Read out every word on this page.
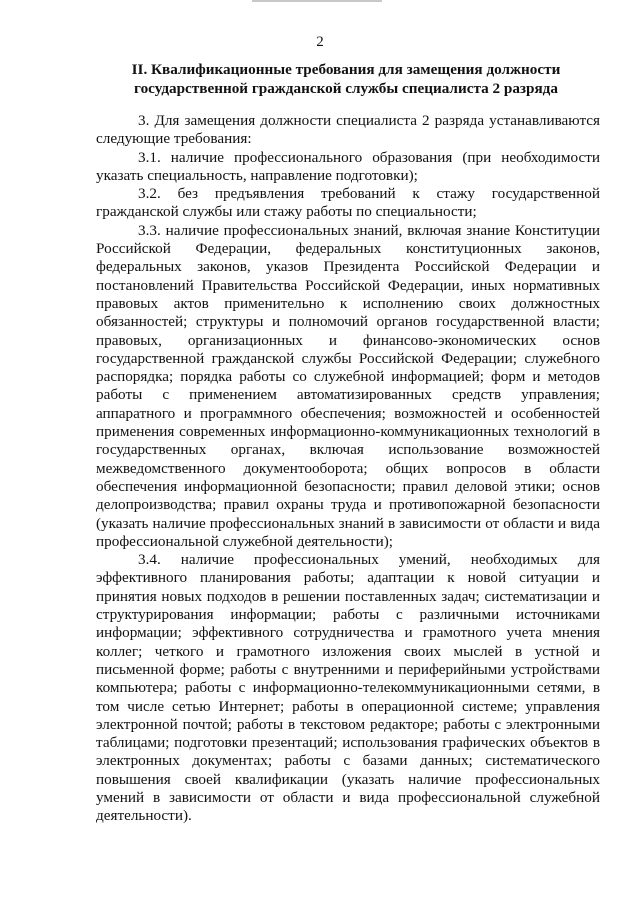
2
II. Квалификационные требования для замещения должности
государственной гражданской службы специалиста 2 разряда

3. Для замещения должности специалиста 2 разряда устанавливаются следующие требования:

3.1. наличие профессионального образования (при необходимости указать специальность, направление подготовки);

3.2. без предъявления требований к стажу государственной гражданской службы или стажу работы по специальности;

3.3. наличие профессиональных знаний, включая знание Конституции Российской Федерации, федеральных конституционных законов, федеральных законов, указов Президента Российской Федерации и постановлений Правительства Российской Федерации, иных нормативных правовых актов применительно к исполнению своих должностных обязанностей; структуры и полномочий органов государственной власти; правовых, организационных и финансово-экономических основ государственной гражданской службы Российской Федерации; служебного распорядка; порядка работы со служебной информацией; форм и методов работы с применением автоматизированных средств управления; аппаратного и программного обеспечения; возможностей и особенностей применения современных информационно-коммуникационных технологий в государственных органах, включая использование возможностей межведомственного документооборота; общих вопросов в области обеспечения информационной безопасности; правил деловой этики; основ делопроизводства; правил охраны труда и противопожарной безопасности (указать наличие профессиональных знаний в зависимости от области и вида профессиональной служебной деятельности);

3.4. наличие профессиональных умений, необходимых для эффективного планирования работы; адаптации к новой ситуации и принятия новых подходов в решении поставленных задач; систематизации и структурирования информации; работы с различными источниками информации; эффективного сотрудничества и грамотного учета мнения коллег; четкого и грамотного изложения своих мыслей в устной и письменной форме; работы с внутренними и периферийными устройствами компьютера; работы с информационно-телекоммуникационными сетями, в том числе сетью Интернет; работы в операционной системе; управления электронной почтой; работы в текстовом редакторе; работы с электронными таблицами; подготовки презентаций; использования графических объектов в электронных документах; работы с базами данных; систематического повышения своей квалификации (указать наличие профессиональных умений в зависимости от области и вида профессиональной служебной деятельности).
